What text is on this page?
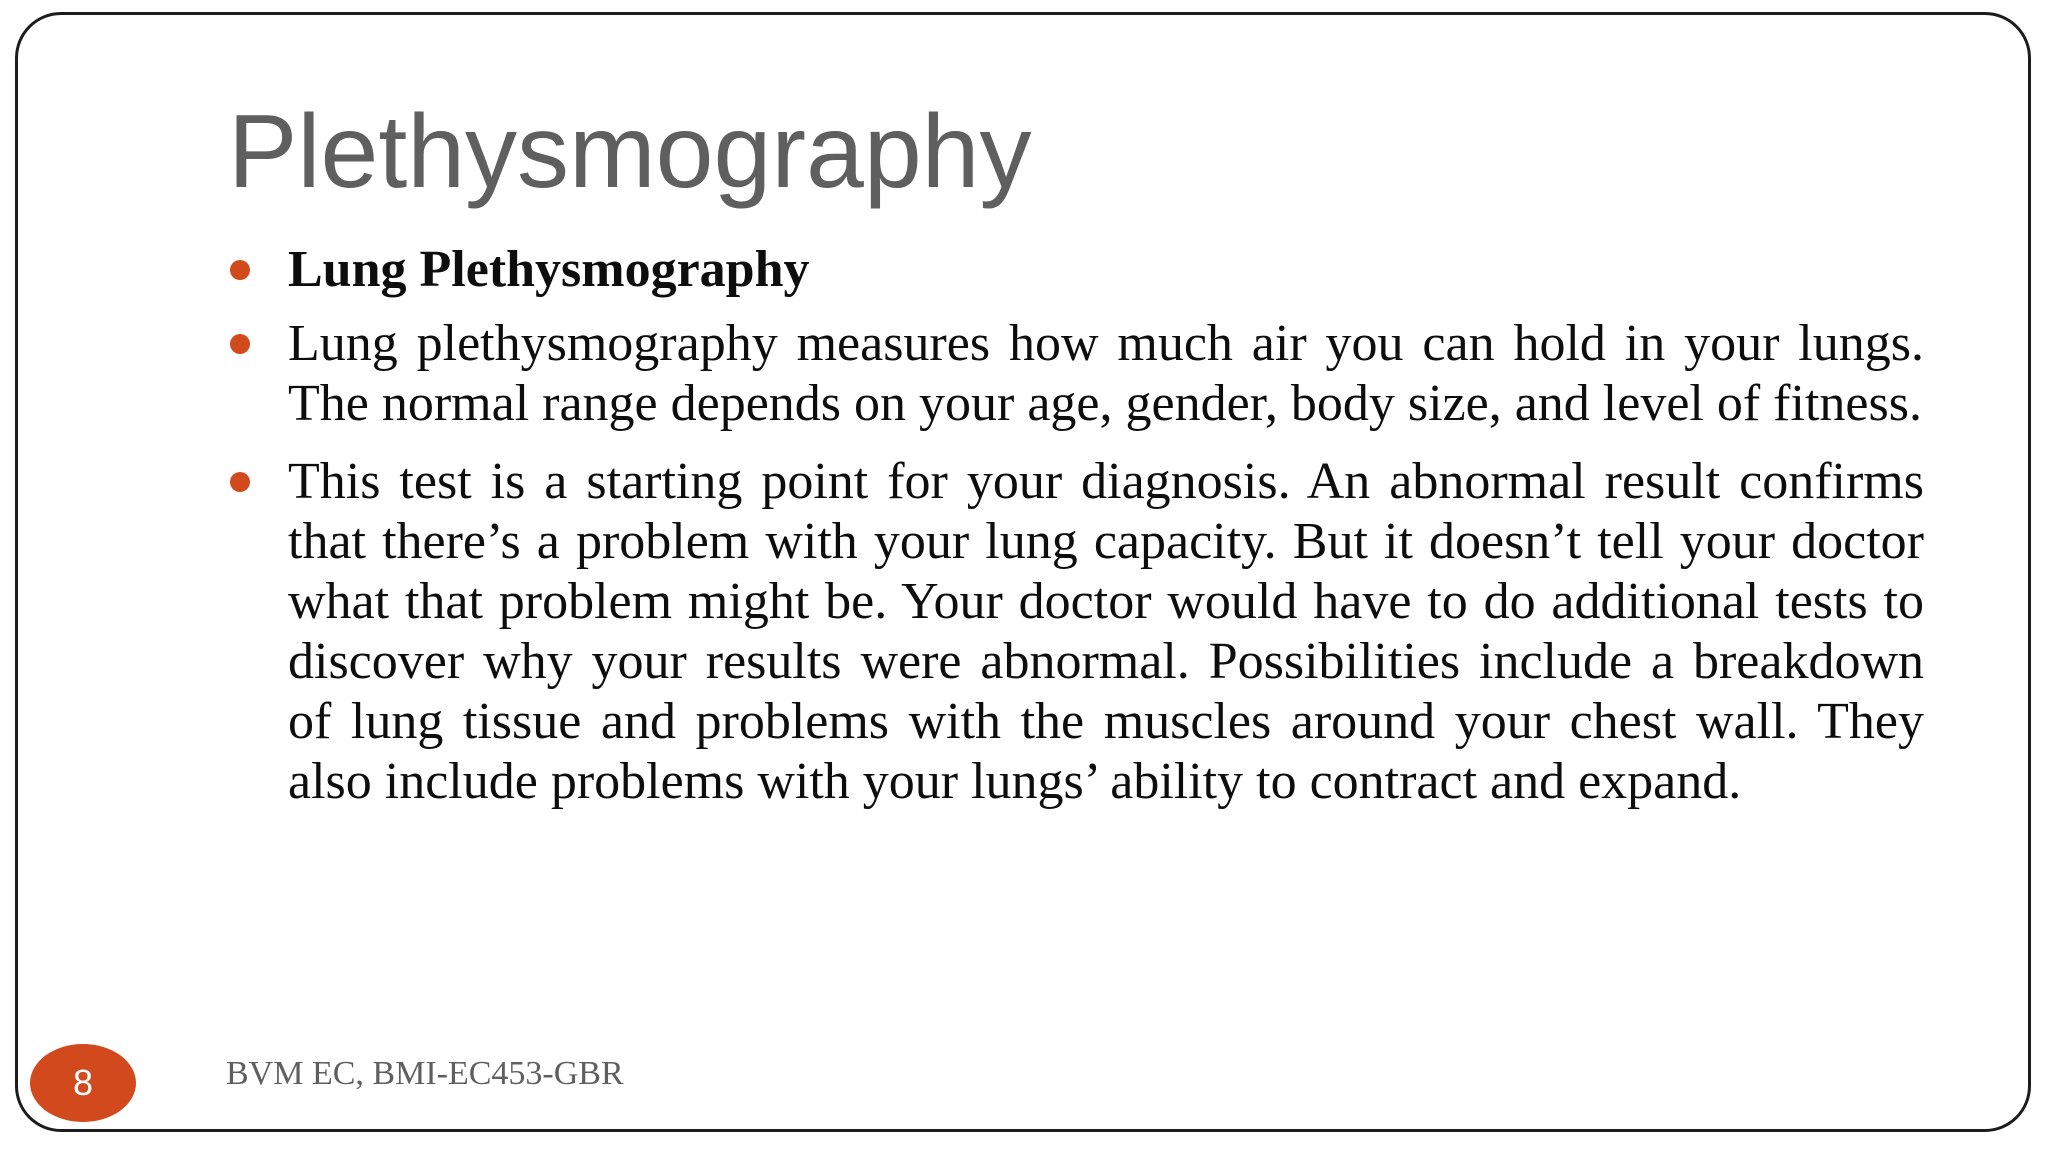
Plethysmography
Lung Plethysmography
Lung plethysmography measures how much air you can hold in your lungs. The normal range depends on your age, gender, body size, and level of fitness.
This test is a starting point for your diagnosis. An abnormal result confirms that there’s a problem with your lung capacity. But it doesn’t tell your doctor what that problem might be. Your doctor would have to do additional tests to discover why your results were abnormal. Possibilities include a breakdown of lung tissue and problems with the muscles around your chest wall. They also include problems with your lungs’ ability to contract and expand.
8	BVM EC, BMI-EC453-GBR
